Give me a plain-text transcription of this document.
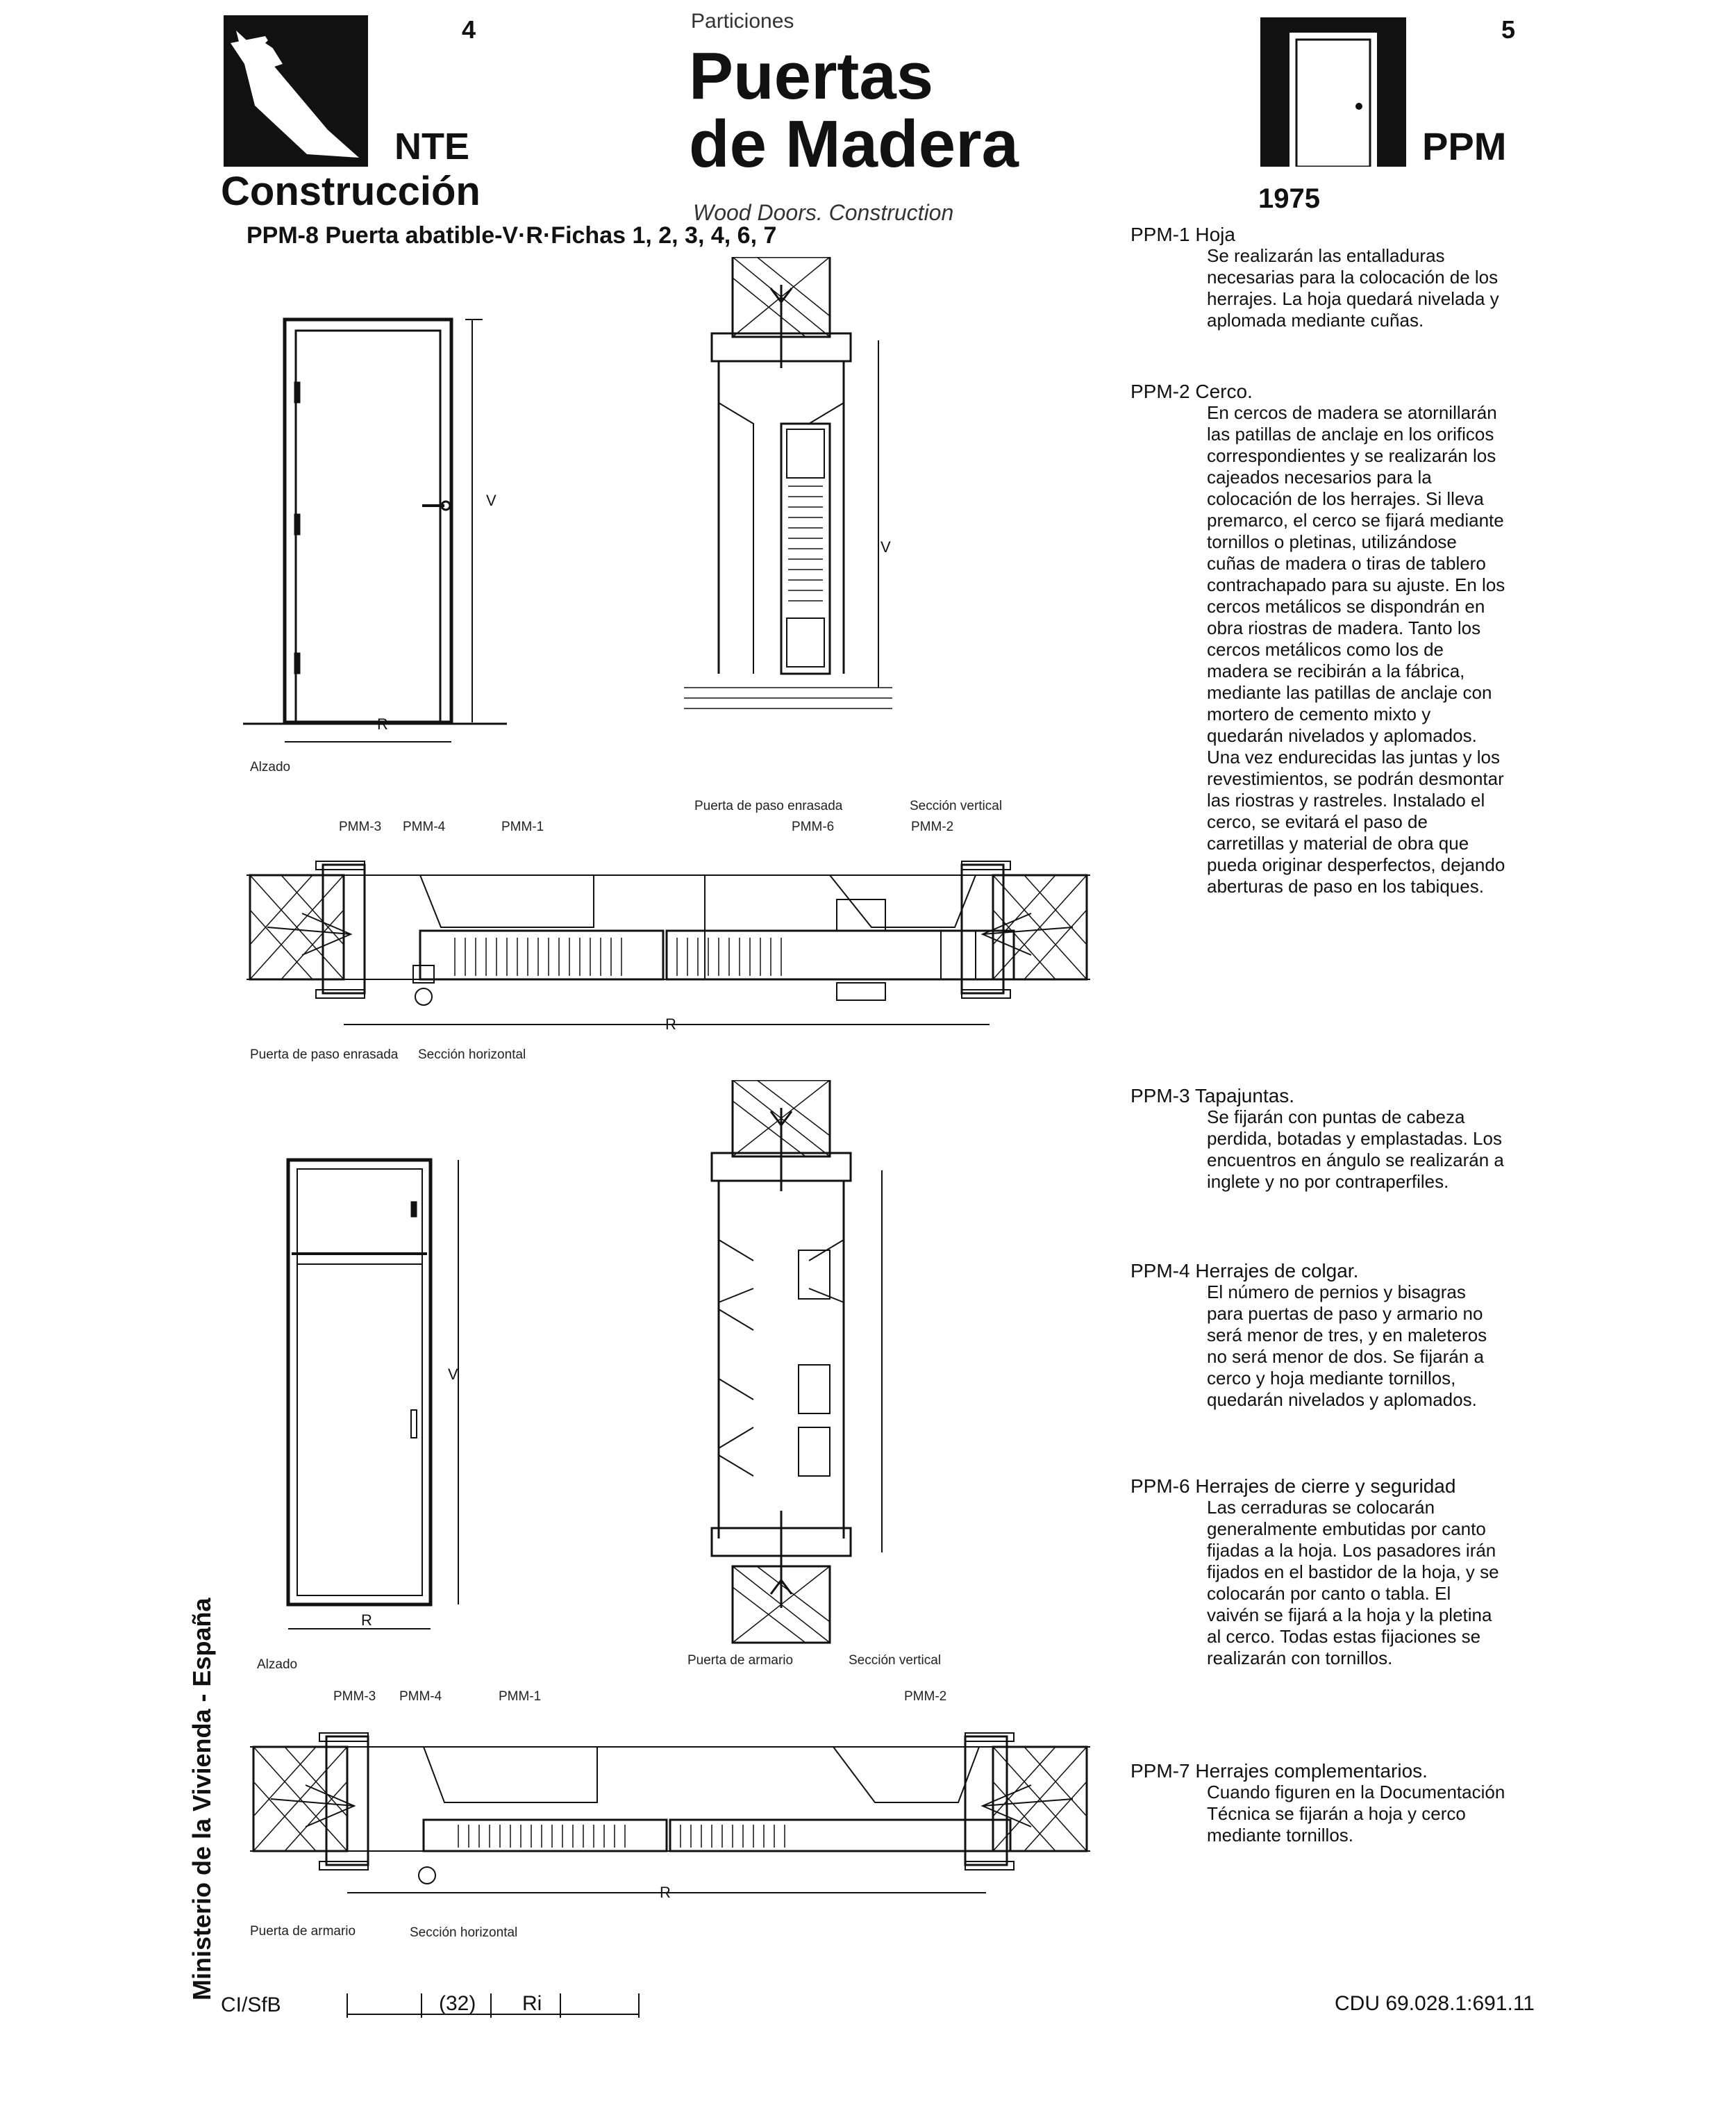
4
NTE
Construcción
Particiones
Puertas
de Madera
Wood Doors. Construction
5
PPM
1975
PPM-8 Puerta abatible-V·R·Fichas 1, 2, 3, 4, 6, 7
V
R
Alzado
V
Puerta de paso enrasada	Sección vertical
PMM-3 PMM-4	PMM-1	PMM-6	PMM-2
R
Puerta de paso enrasada Sección horizontal
V
R
Alzado	Puerta de armario	Sección vertical
PMM-3 PMM-4	PMM-1	PMM-2
R
Puerta de armario	Sección horizontal
PPM-1 Hoja
Se realizarán las entalladuras necesarias para la colocación de los herrajes. La hoja quedará nivelada y aplomada mediante cuñas.
PPM-2 Cerco.
En cercos de madera se atornillarán las patillas de anclaje en los orificos correspondientes y se realizarán los cajeados necesarios para la colocación de los herrajes. Si lleva premarco, el cerco se fijará mediante tornillos o pletinas, utilizándose cuñas de madera o tiras de tablero contrachapado para su ajuste. En los cercos metálicos se dispondrán en obra riostras de madera. Tanto los cercos metálicos como los de madera se recibirán a la fábrica, mediante las patillas de anclaje con mortero de cemento mixto y quedarán nivelados y aplomados. Una vez endurecidas las juntas y los revestimientos, se podrán desmontar las riostras y rastreles. Instalado el cerco, se evitará el paso de carretillas y material de obra que pueda originar desperfectos, dejando aberturas de paso en los tabiques.
PPM-3 Tapajuntas.
Se fijarán con puntas de cabeza perdida, botadas y emplastadas. Los encuentros en ángulo se realizarán a inglete y no por contraperfiles.
PPM-4 Herrajes de colgar.
El número de pernios y bisagras para puertas de paso y armario no será menor de tres, y en maleteros no será menor de dos. Se fijarán a cerco y hoja mediante tornillos, quedarán nivelados y aplomados.
PPM-6 Herrajes de cierre y seguridad
Las cerraduras se colocarán generalmente embutidas por canto fijadas a la hoja. Los pasadores irán fijados en el bastidor de la hoja, y se colocarán por canto o tabla. El vaivén se fijará a la hoja y la pletina al cerco. Todas estas fijaciones se realizarán con tornillos.
PPM-7 Herrajes complementarios.
Cuando figuren en la Documentación Técnica se fijarán a hoja y cerco mediante tornillos.
Ministerio de la Vivienda - España
CI/SfB	(32) Ri	CDU 69.028.1:691.11
